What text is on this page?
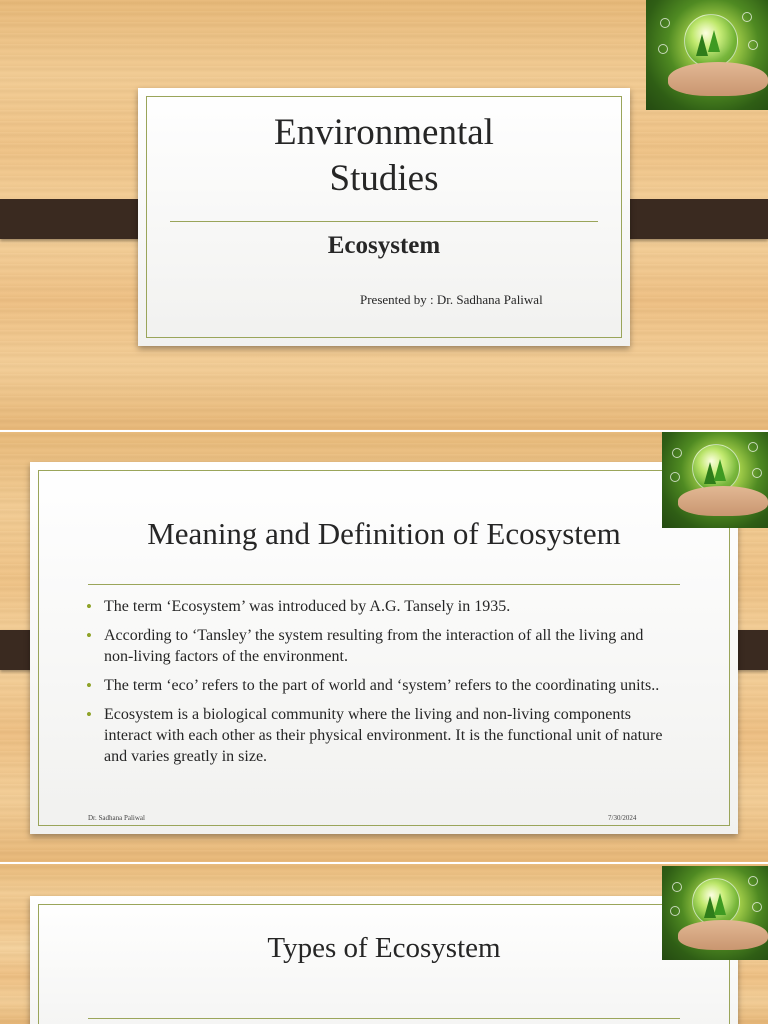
Environmental
Studies
Ecosystem
Presented by : Dr. Sadhana Paliwal
Meaning and Definition of Ecosystem
• The term ‘Ecosystem’ was introduced by A.G. Tansely in 1935.
• According to ‘Tansley’ the system resulting from the interaction of all the living and non-living factors of the environment.
• The term ‘eco’ refers to the part of world and ‘system’ refers to the coordinating units..
• Ecosystem is a biological community where the living and non-living components interact with each other as their physical environment. It is the functional unit of nature and varies greatly in size.
Dr. Sadhana Paliwal	7/30/2024
Types of Ecosystem
